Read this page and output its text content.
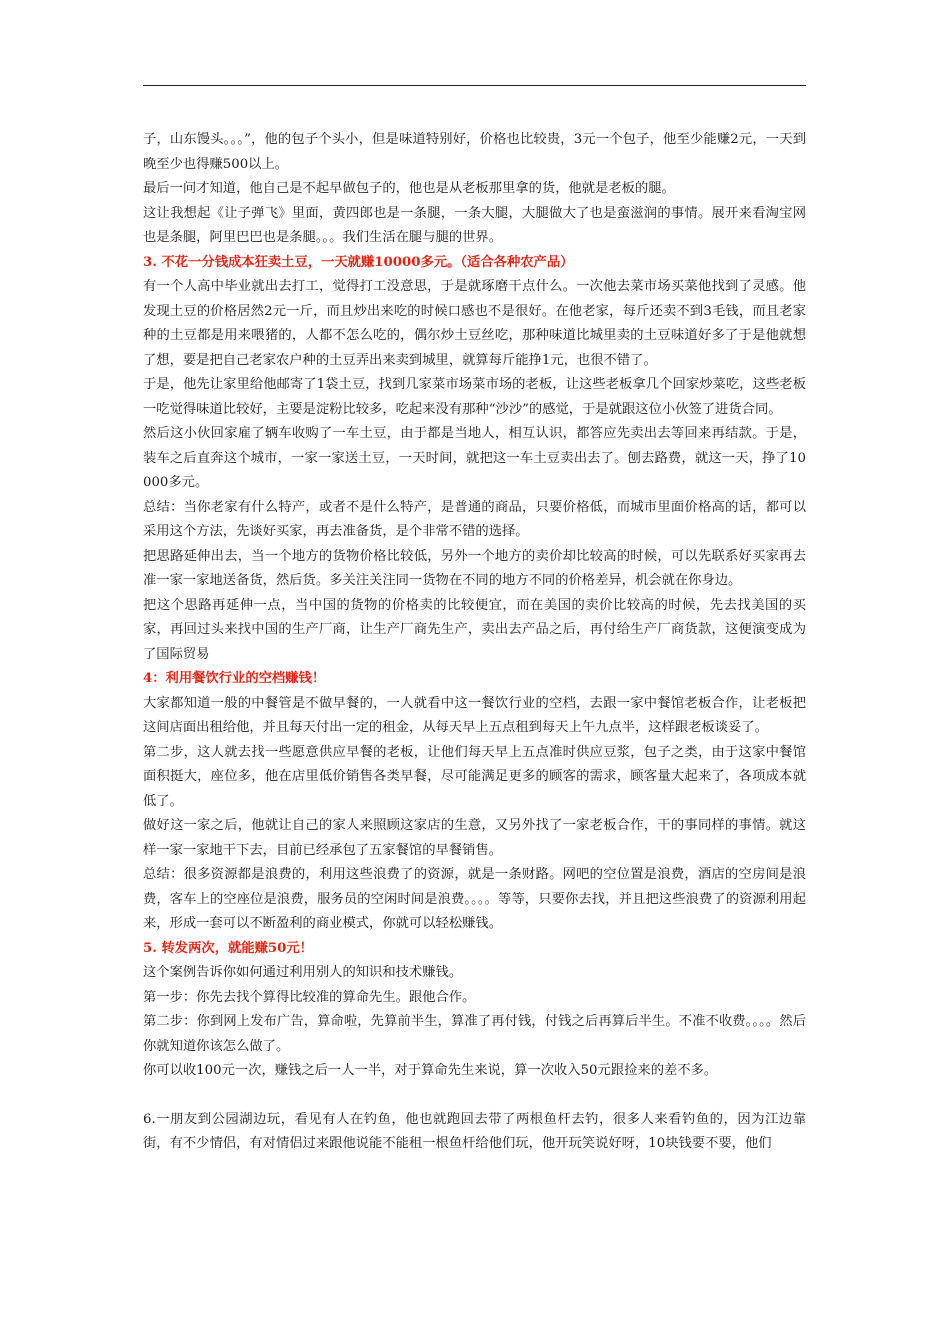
子，山东馒头。。。”，他的包子个头小，但是味道特别好，价格也比较贵，3元一个包子，他至少能赚2元，一天到晚至少也得赚500以上。

最后一问才知道，他自己是不起早做包子的，他也是从老板那里拿的货，他就是老板的腿。

这让我想起《让子弹飞》里面，黄四郎也是一条腿，一条大腿，大腿做大了也是蛮滋润的事情。展开来看淘宝网也是条腿，阿里巴巴也是条腿。。。我们生活在腿与腿的世界。

3. 不花一分钱成本狂卖土豆，一天就赚10000多元。（适合各种农产品）

有一个人高中毕业就出去打工，觉得打工没意思，于是就琢磨干点什么。一次他去菜市场买菜他找到了灵感。他发现土豆的价格居然2元一斤，而且炒出来吃的时候口感也不是很好。在他老家，每斤还卖不到3毛钱，而且老家种的土豆都是用来喂猪的，人都不怎么吃的，偶尔炒土豆丝吃，那种味道比城里卖的土豆味道好多了于是他就想了想，要是把自己老家农户种的土豆弄出来卖到城里，就算每斤能挣1元，也很不错了。

于是，他先让家里给他邮寄了1袋土豆，找到几家菜市场菜市场的老板，让这些老板拿几个回家炒菜吃，这些老板一吃觉得味道比较好，主要是淀粉比较多，吃起来没有那种“沙沙”的感觉，于是就跟这位小伙签了进货合同。

然后这小伙回家雇了辆车收购了一车土豆，由于都是当地人，相互认识，都答应先卖出去等回来再结款。于是，装车之后直奔这个城市，一家一家送土豆，一天时间，就把这一车土豆卖出去了。刨去路费，就这一天，挣了10000多元。

总结：当你老家有什么特产，或者不是什么特产，是普通的商品，只要价格低，而城市里面价格高的话，都可以采用这个方法，先谈好买家，再去准备货，是个非常不错的选择。

把思路延伸出去，当一个地方的货物价格比较低，另外一个地方的卖价却比较高的时候，可以先联系好买家再去准一家一家地送备货，然后货。多关注关注同一货物在不同的地方不同的价格差异，机会就在你身边。

把这个思路再延伸一点，当中国的货物的价格卖的比较便宜，而在美国的卖价比较高的时候，先去找美国的买家，再回过头来找中国的生产厂商，让生产厂商先生产，卖出去产品之后，再付给生产厂商货款，这便演变成为了国际贸易

4：利用餐饮行业的空档赚钱！

大家都知道一般的中餐管是不做早餐的，一人就看中这一餐饮行业的空档，去跟一家中餐馆老板合作，让老板把这间店面出租给他，并且每天付出一定的租金，从每天早上五点租到每天上午九点半，这样跟老板谈妥了。

第二步，这人就去找一些愿意供应早餐的老板，让他们每天早上五点准时供应豆浆，包子之类，由于这家中餐馆面积挺大，座位多，他在店里低价销售各类早餐，尽可能满足更多的顾客的需求，顾客量大起来了，各项成本就低了。

做好这一家之后，他就让自己的家人来照顾这家店的生意，又另外找了一家老板合作，干的事同样的事情。就这样一家一家地干下去，目前已经承包了五家餐馆的早餐销售。

总结：很多资源都是浪费的，利用这些浪费了的资源，就是一条财路。网吧的空位置是浪费，酒店的空房间是浪费，客车上的空座位是浪费，服务员的空闲时间是浪费。。。。等等，只要你去找，并且把这些浪费了的资源利用起来，形成一套可以不断盈利的商业模式，你就可以轻松赚钱。

5. 转发两次，就能赚50元！

这个案例告诉你如何通过利用别人的知识和技术赚钱。

第一步：你先去找个算得比较准的算命先生。跟他合作。

第二步：你到网上发布广告，算命啦，先算前半生，算准了再付钱，付钱之后再算后半生。不准不收费。。。。然后你就知道你该怎么做了。

你可以收100元一次，赚钱之后一人一半，对于算命先生来说，算一次收入50元跟捡来的差不多。

6.一朋友到公园湖边玩，看见有人在钓鱼，他也就跑回去带了两根鱼杆去钓，很多人来看钓鱼的，因为江边靠街，有不少情侣，有对情侣过来跟他说能不能租一根鱼杆给他们玩，他开玩笑说好呀，10块钱要不要，他们
